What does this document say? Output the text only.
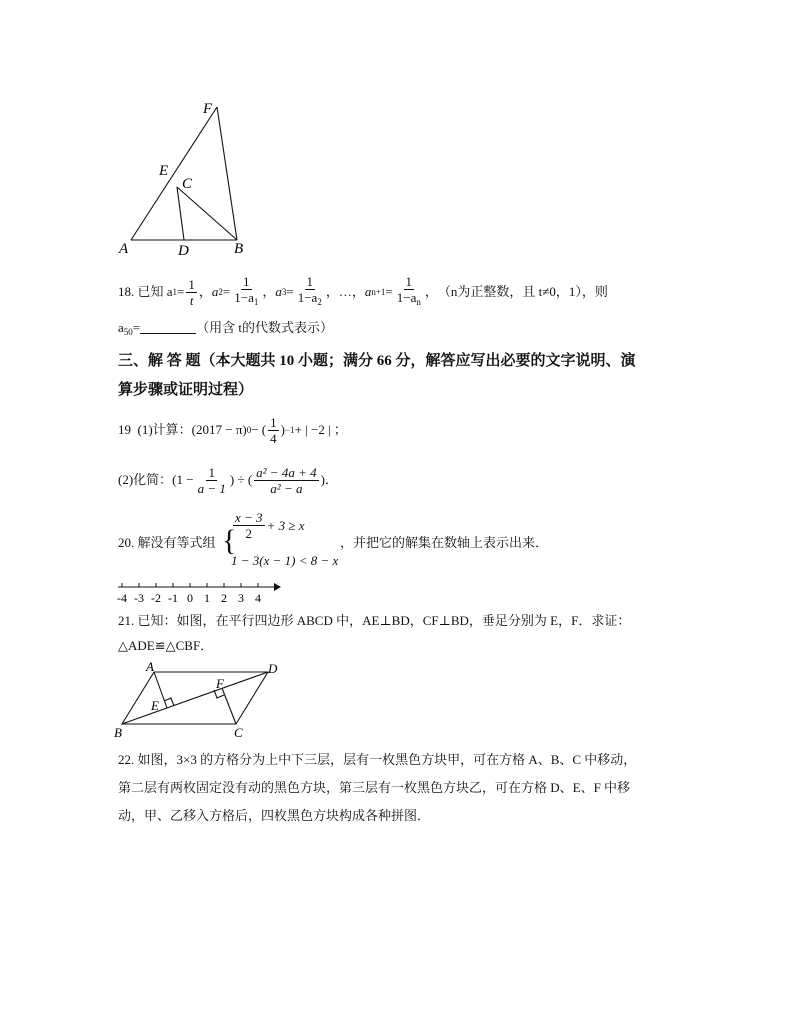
F
E
C
A	D	B
18.
已知 a $1 = \frac{1}{t}$ ， a $2 = \frac{1}{1-a_1}$ ， a $3 = \frac{1}{1-a_2}$ ，…， a $n+1 = \frac{1}{1-a_n}$ ， （n为正整数，且 t≠0，1），则
$a_{50}=$	（用含 t的代数式表示）
三、解 答 题（本大题共 10 小题；满分 66 分，解答应写出必要的文字说明、演
算步骤或证明过程）
19
(1)计算：(2017 − π) 0 − ( $\frac{1}{4}$ ) −1 + | −2 | ；
(2)化简：($1 - \frac{1}{a - 1}$ ) ÷ ( $\frac{\text{a² − 4a + 4}}{\text{a² − a}}$ )．
20. 解没有等式组 {
$\frac{x - 3}{2} + 3 \ge x$
1 − 3(x − 1) < 8 − x
，并把它的解集在数轴上表示出来．
-4 -3 -2 -1 0 1 2 3 4
21. 已知：如图，在平行四边形 ABCD 中，AE⊥BD，CF⊥BD，垂足分别为 E，F．求证：
△ADE≌△CBF．
A	D
F
E
B	C
22. 如图，3×3 的方格分为上中下三层，层有一枚黑色方块甲，可在方格 A、B、C 中移动，
第二层有两枚固定没有动的黑色方块，第三层有一枚黑色方块乙，可在方格 D、E、F 中移
动，甲、乙移入方格后，四枚黑色方块构成各种拼图．
